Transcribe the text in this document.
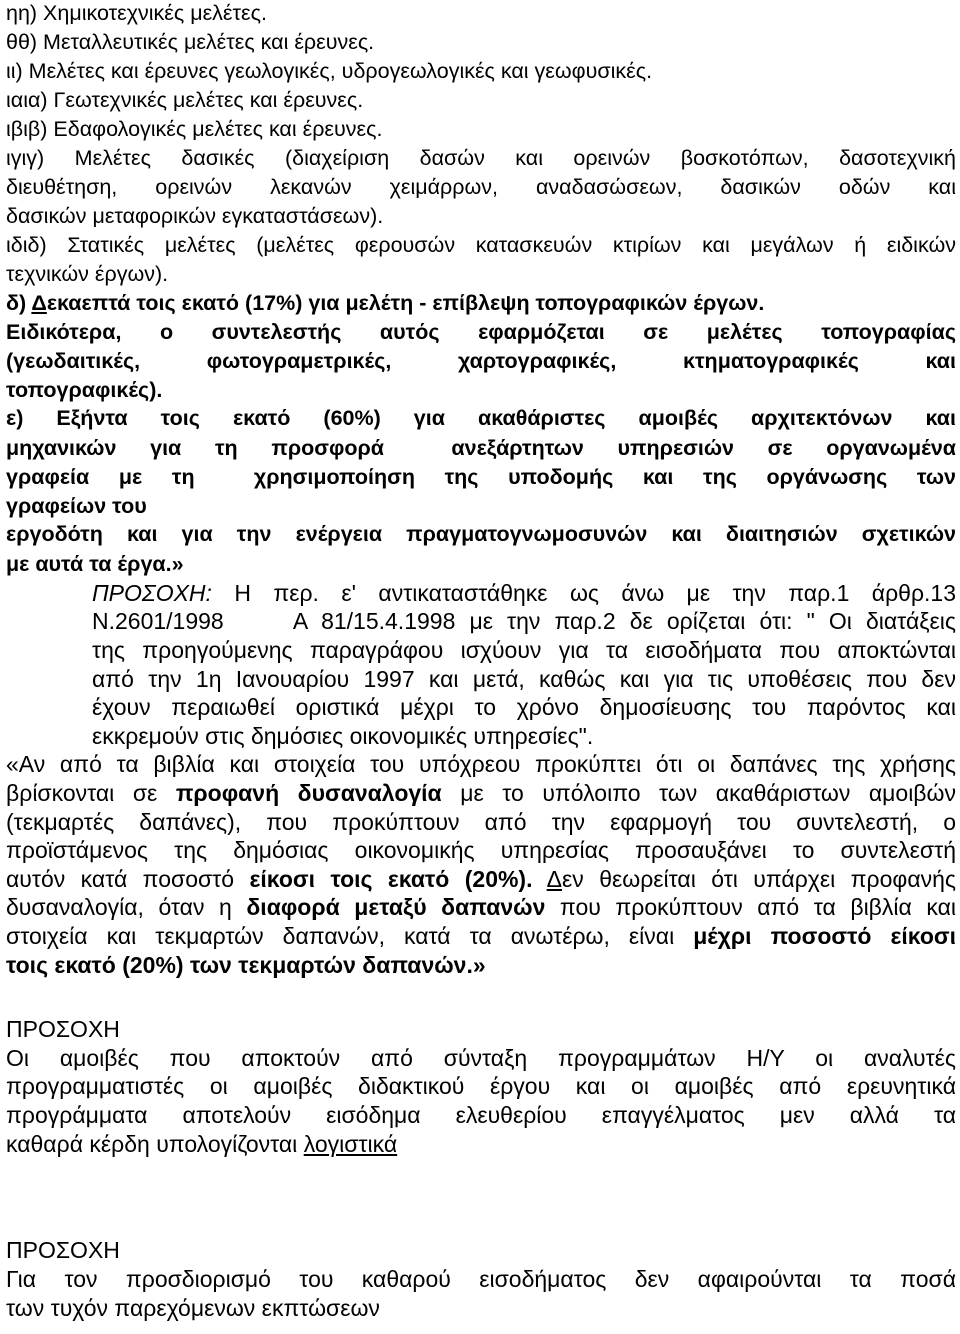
ηη) Χημικοτεχνικές μελέτες.
θθ) Μεταλλευτικές μελέτες και έρευνες.
ιι) Μελέτες και έρευνες γεωλογικές, υδρογεωλογικές και γεωφυσικές.
ιαια) Γεωτεχνικές μελέτες και έρευνες.
ιβιβ) Εδαφολογικές μελέτες και έρευνες.
ιγιγ) Μελέτες δασικές (διαχείριση δασών και ορεινών βοσκοτόπων, δασοτεχνική
διευθέτηση, ορεινών λεκανών χειμάρρων, αναδασώσεων, δασικών οδών και
δασικών μεταφορικών εγκαταστάσεων).
ιδιδ) Στατικές μελέτες (μελέτες φερουσών κατασκευών κτιρίων και μεγάλων ή ειδικών
τεχνικών έργων).
δ) Δεκαεπτά τοις εκατό (17%) για μελέτη - επίβλεψη τοπογραφικών έργων.
Ειδικότερα, ο συντελεστής αυτός εφαρμόζεται σε μελέτες τοπογραφίας
(γεωδαιτικές, φωτογραμετρικές, χαρτογραφικές, κτηματογραφικές και
τοπογραφικές).
ε) Εξήντα τοις εκατό (60%) για ακαθάριστες αμοιβές αρχιτεκτόνων και
μηχανικών για τη προσφορά  ανεξάρτητων υπηρεσιών σε οργανωμένα
γραφεία με τη  χρησιμοποίηση της υποδομής και της οργάνωσης των
γραφείων του
εργοδότη και για την ενέργεια πραγματογνωμοσυνών και διαιτησιών σχετικών
με αυτά τα έργα.»
ΠΡΟΣΟΧΗ: Η περ. ε' αντικαταστάθηκε ως άνω με την παρ.1 άρθρ.13
Ν.2601/1998     Α 81/15.4.1998 με την παρ.2 δε ορίζεται ότι: " Οι διατάξεις
της προηγούμενης παραγράφου ισχύουν για τα εισοδήματα που αποκτώνται
από την 1η Ιανουαρίου 1997 και μετά, καθώς και για τις υποθέσεις που δεν
έχουν περαιωθεί οριστικά μέχρι το χρόνο δημοσίευσης του παρόντος και
εκκρεμούν στις δημόσιες οικονομικές υπηρεσίες".
«Αν από τα βιβλία και στοιχεία του υπόχρεου προκύπτει ότι οι δαπάνες της χρήσης
βρίσκονται σε προφανή δυσαναλογία με το υπόλοιπο των ακαθάριστων αμοιβών
(τεκμαρτές δαπάνες), που προκύπτουν από την εφαρμογή του συντελεστή, ο
προϊστάμενος της δημόσιας οικονομικής υπηρεσίας προσαυξάνει το συντελεστή
αυτόν κατά ποσοστό είκοσι τοις εκατό (20%). Δεν θεωρείται ότι υπάρχει προφανής
δυσαναλογία, όταν η διαφορά μεταξύ δαπανών που προκύπτουν από τα βιβλία και
στοιχεία και τεκμαρτών δαπανών, κατά τα ανωτέρω, είναι μέχρι ποσοστό είκοσι
τοις εκατό (20%) των τεκμαρτών δαπανών.»
ΠΡΟΣΟΧΗ
Οι αμοιβές που αποκτούν από σύνταξη προγραμμάτων Η/Υ οι αναλυτές
προγραμματιστές οι αμοιβές διδακτικού έργου και οι αμοιβές από ερευνητικά
προγράμματα αποτελούν εισόδημα ελευθερίου επαγγέλματος μεν αλλά τα
καθαρά κέρδη υπολογίζονται λογιστικά
ΠΡΟΣΟΧΗ
Για τον προσδιορισμό του καθαρού εισοδήματος δεν αφαιρούνται τα ποσά
των τυχόν παρεχόμενων εκπτώσεων
